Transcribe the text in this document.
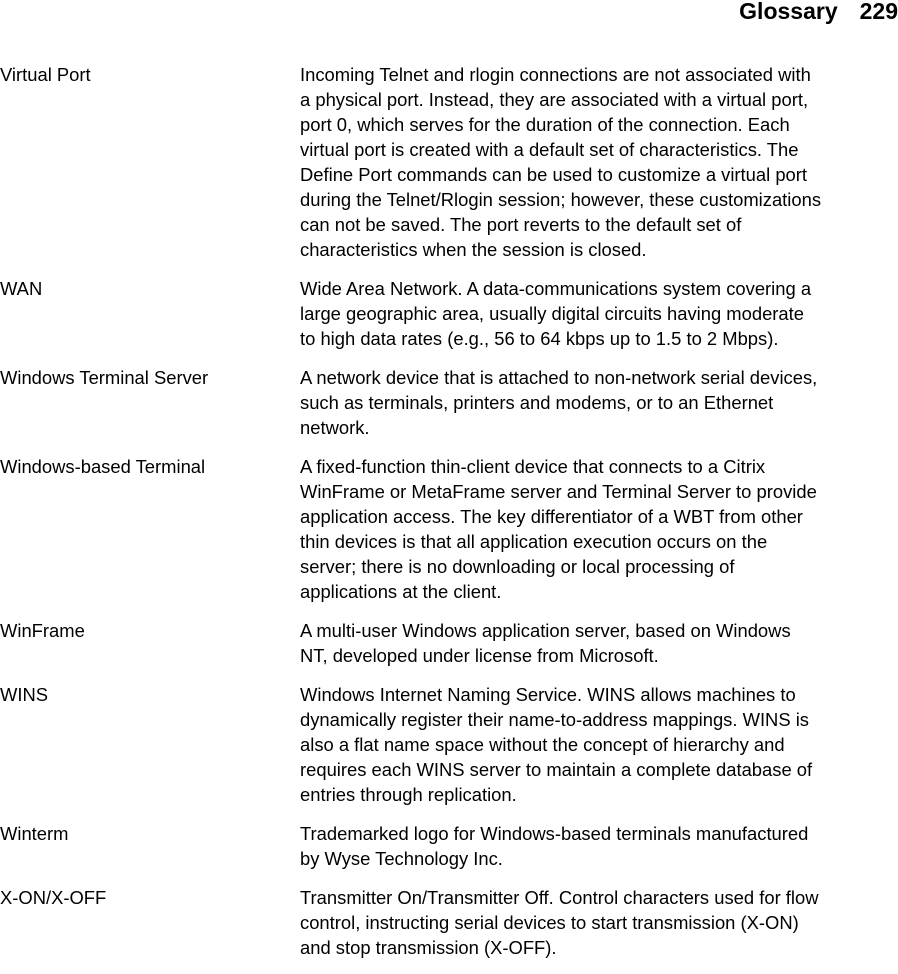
Glossary 229
Virtual Port	Incoming Telnet and rlogin connections are not associated with
a physical port. Instead, they are associated with a virtual port,
port 0, which serves for the duration of the connection. Each
virtual port is created with a default set of characteristics. The
Define Port commands can be used to customize a virtual port
during the Telnet/Rlogin session; however, these customizations
can not be saved. The port reverts to the default set of
characteristics when the session is closed.
WAN	Wide Area Network. A data-communications system covering a
large geographic area, usually digital circuits having moderate
to high data rates (e.g., 56 to 64 kbps up to 1.5 to 2 Mbps).
Windows Terminal Server	A network device that is attached to non-network serial devices,
such as terminals, printers and modems, or to an Ethernet
network.
Windows-based Terminal	A fixed-function thin-client device that connects to a Citrix
WinFrame or MetaFrame server and Terminal Server to provide
application access. The key differentiator of a WBT from other
thin devices is that all application execution occurs on the
server; there is no downloading or local processing of
applications at the client.
WinFrame	A multi-user Windows application server, based on Windows
NT, developed under license from Microsoft.
WINS	Windows Internet Naming Service. WINS allows machines to
dynamically register their name-to-address mappings. WINS is
also a flat name space without the concept of hierarchy and
requires each WINS server to maintain a complete database of
entries through replication.
Winterm	Trademarked logo for Windows-based terminals manufactured
by Wyse Technology Inc.
X-ON/X-OFF	Transmitter On/Transmitter Off. Control characters used for flow
control, instructing serial devices to start transmission (X-ON)
and stop transmission (X-OFF).
